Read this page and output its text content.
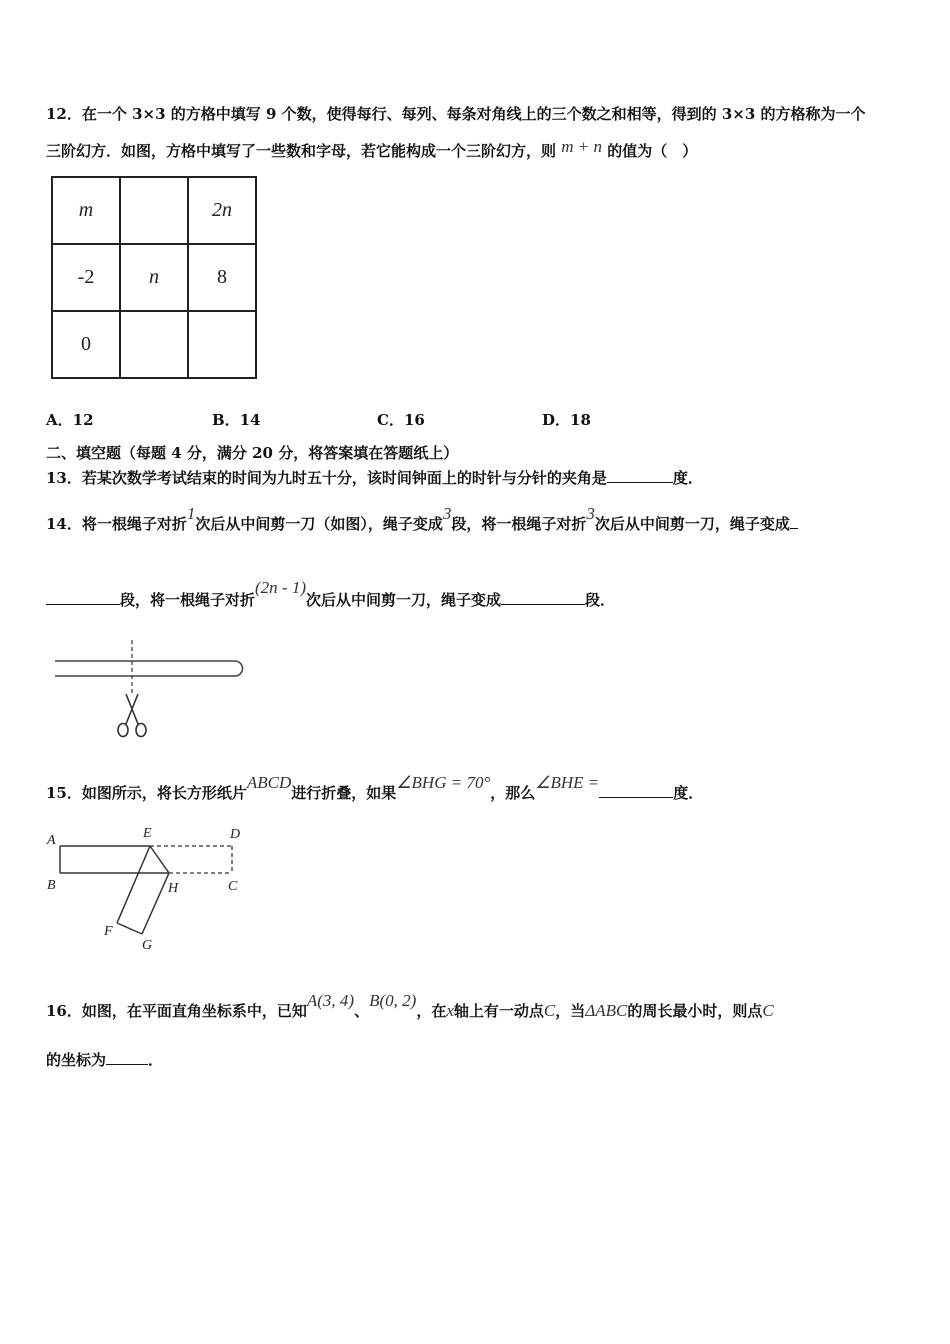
12．在一个 3×3 的方格中填写 9 个数，使得每行、每列、每条对角线上的三个数之和相等，得到的 3×3 的方格称为一个
三阶幻方．如图，方格中填写了一些数和字母，若它能构成一个三阶幻方，则 m + n 的值为（　）
m		2n
-2	n	8
0		
A．12	B．14	C．16	D．18
二、填空题（每题 4 分，满分 20 分，将答案填在答题纸上）
13．若某次数学考试结束的时间为九时五十分，该时间钟面上的时针与分针的夹角是	度．
14．将一根绳子对折1次后从中间剪一刀（如图），绳子变成3段，将一根绳子对折3次后从中间剪一刀，绳子变成
段，将一根绳子对折(2n - 1)次后从中间剪一刀，绳子变成	段．
15．如图所示，将长方形纸片ABCD进行折叠，如果∠BHG = 70°，那么∠BHE =度．
A
B	C
D
E
F
G
H
16．如图，在平面直角坐标系中，已知A(3, 4)、B(0, 2)，在x轴上有一动点C，当ΔABC的周长最小时，则点C
的坐标为	．
